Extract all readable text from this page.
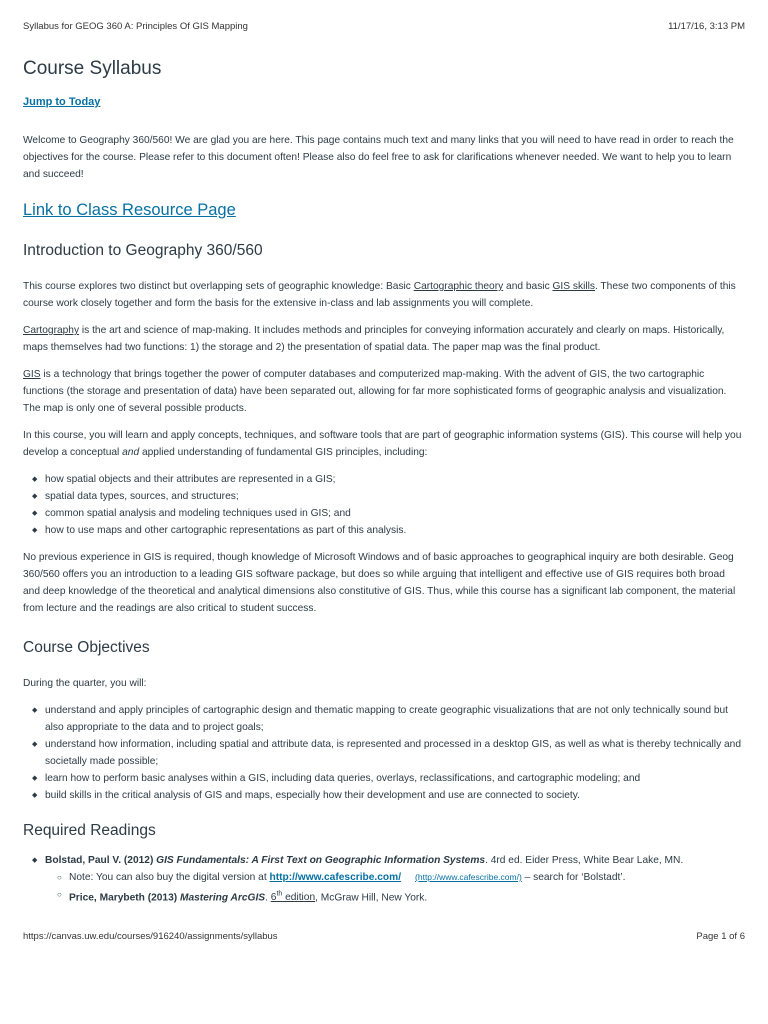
Syllabus for GEOG 360 A: Principles Of GIS Mapping	11/17/16, 3:13 PM
Course Syllabus
Jump to Today

Welcome to Geography 360/560! We are glad you are here. This page contains much text and many links that you will need to have read in order to reach the objectives for the course. Please refer to this document often! Please also do feel free to ask for clarifications whenever needed. We want to help you to learn and succeed!

Link to Class Resource Page
Introduction to Geography 360/560

This course explores two distinct but overlapping sets of geographic knowledge: Basic Cartographic theory and basic GIS skills. These two components of this course work closely together and form the basis for the extensive in-class and lab assignments you will complete.

Cartography is the art and science of map-making. It includes methods and principles for conveying information accurately and clearly on maps. Historically, maps themselves had two functions: 1) the storage and 2) the presentation of spatial data. The paper map was the final product.

GIS is a technology that brings together the power of computer databases and computerized map-making. With the advent of GIS, the two cartographic functions (the storage and presentation of data) have been separated out, allowing for far more sophisticated forms of geographic analysis and visualization. The map is only one of several possible products.

In this course, you will learn and apply concepts, techniques, and software tools that are part of geographic information systems (GIS). This course will help you develop a conceptual and applied understanding of fundamental GIS principles, including:

◆ how spatial objects and their attributes are represented in a GIS;
◆ spatial data types, sources, and structures;
◆ common spatial analysis and modeling techniques used in GIS; and
◆ how to use maps and other cartographic representations as part of this analysis.

No previous experience in GIS is required, though knowledge of Microsoft Windows and of basic approaches to geographical inquiry are both desirable. Geog 360/560 offers you an introduction to a leading GIS software package, but does so while arguing that intelligent and effective use of GIS requires both broad and deep knowledge of the theoretical and analytical dimensions also constitutive of GIS. Thus, while this course has a significant lab component, the material from lecture and the readings are also critical to student success.

Course Objectives

During the quarter, you will:

◆ understand and apply principles of cartographic design and thematic mapping to create geographic visualizations that are not only technically sound but also appropriate to the data and to project goals;
◆ understand how information, including spatial and attribute data, is represented and processed in a desktop GIS, as well as what is thereby technically and societally made possible;
◆ learn how to perform basic analyses within a GIS, including data queries, overlays, reclassifications, and cartographic modeling; and
◆ build skills in the critical analysis of GIS and maps, especially how their development and use are connected to society.
Required Readings
◆ Bolstad, Paul V. (2012) GIS Fundamentals: A First Text on Geographic Information Systems. 4rd ed. Eider Press, White Bear Lake, MN.
○ Note: You can also buy the digital version at http://www.cafescribe.com/ (http://www.cafescribe.com/) – search for ‘Bolstadt’.
○ Price, Marybeth (2013) Mastering ArcGIS. 6th edition, McGraw Hill, New York.
https://canvas.uw.edu/courses/916240/assignments/syllabus	Page 1 of 6
